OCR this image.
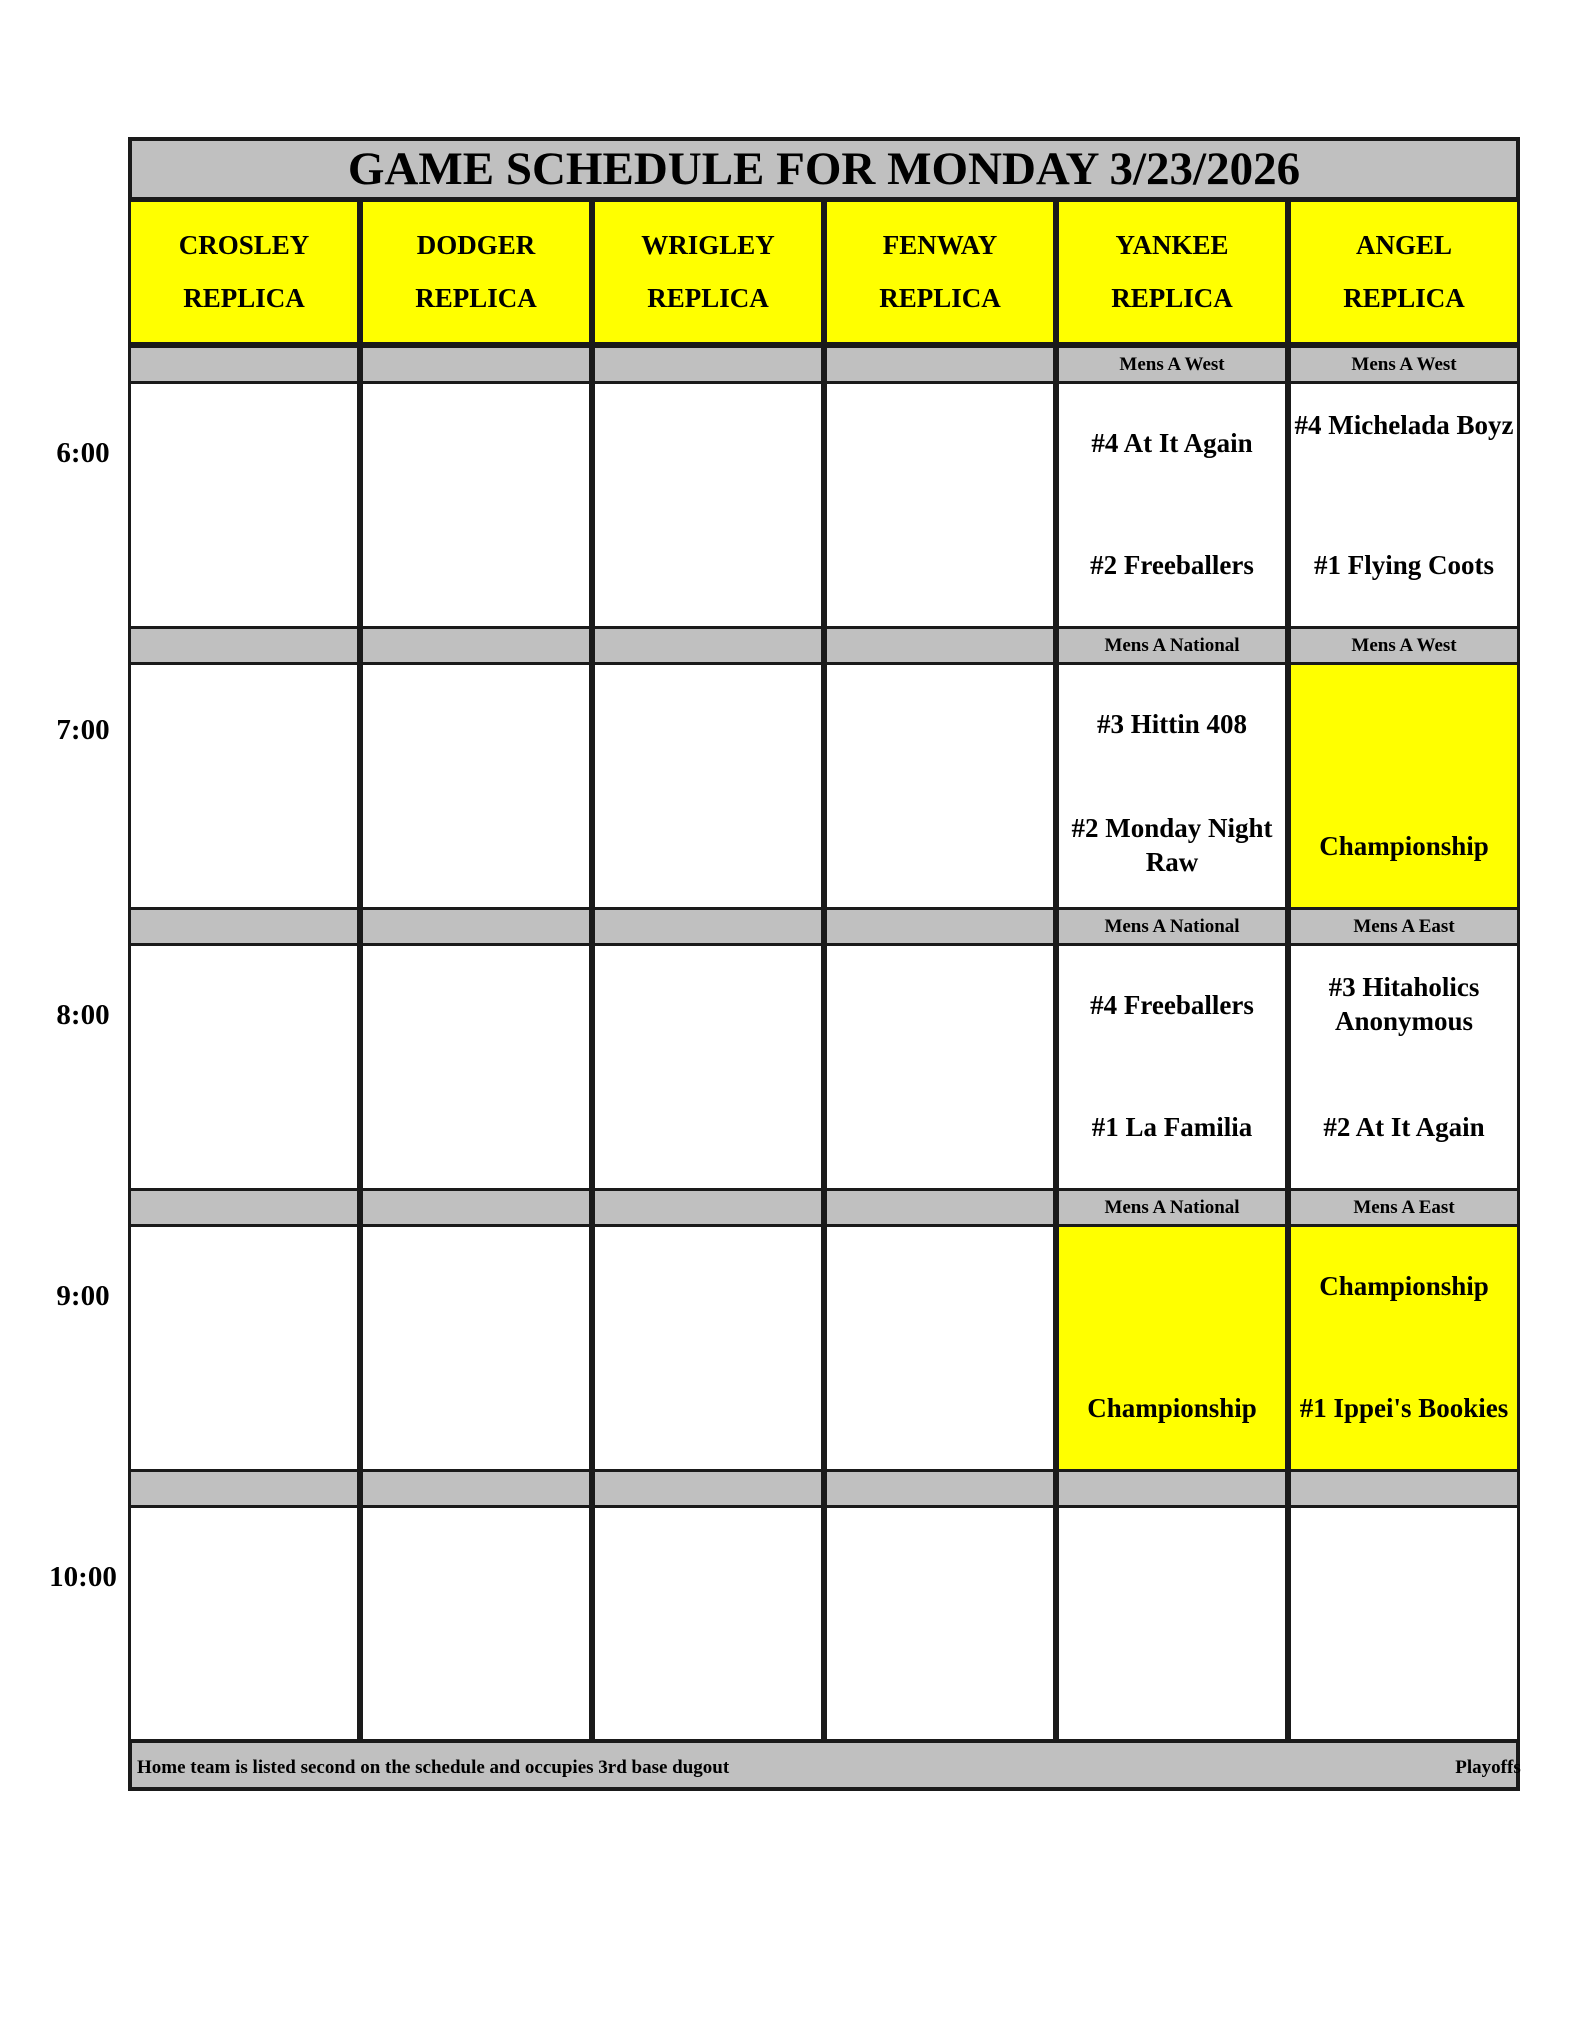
GAME SCHEDULE FOR MONDAY 3/23/2026
CROSLEY
REPLICA
DODGER
REPLICA
WRIGLEY
REPLICA
FENWAY
REPLICA
YANKEE
REPLICA
ANGEL
REPLICA
6:00
Mens A West
#4 At It Again
#2 Freeballers
Mens A West
#4 Michelada Boyz
#1 Flying Coots
7:00
Mens A National
#3 Hittin 408
#2 Monday Night Raw
Mens A West
Championship
8:00
Mens A National
#4 Freeballers
#1 La Familia
Mens A East
#3 Hitaholics Anonymous
#2 At It Again
9:00
Mens A National
Championship
Mens A East
Championship
#1 Ippei's Bookies
10:00
Home team is listed second on the schedule and occupies 3rd base dugout	Playoffs
